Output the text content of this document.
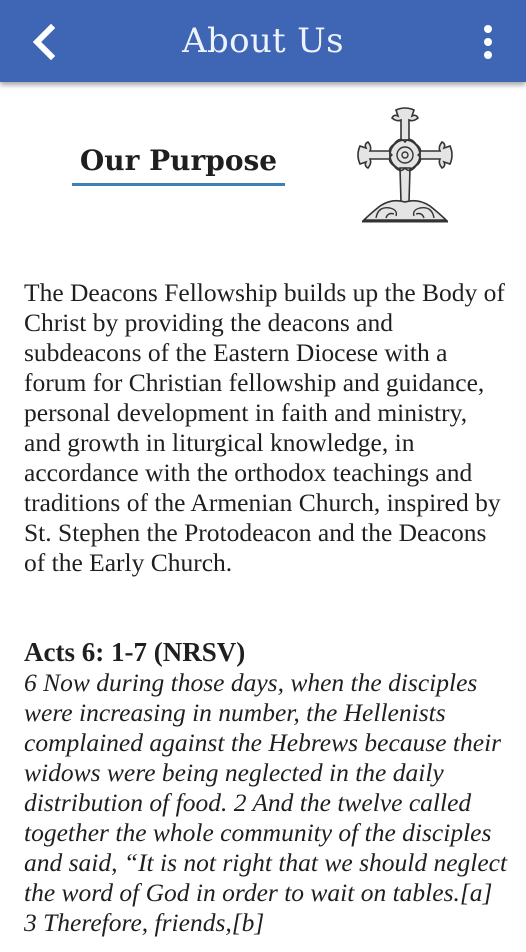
About Us
Our Purpose

The Deacons Fellowship builds up the Body of Christ by providing the deacons and subdeacons of the Eastern Diocese with a forum for Christian fellowship and guidance, personal development in faith and ministry, and growth in liturgical knowledge, in accordance with the orthodox teachings and traditions of the Armenian Church, inspired by St. Stephen the Protodeacon and the Deacons of the Early Church.

Acts 6: 1-7 (NRSV)

6 Now during those days, when the disciples were increasing in number, the Hellenists complained against the Hebrews because their widows were being neglected in the daily distribution of food. 2 And the twelve called together the whole community of the disciples and said, “It is not right that we should neglect the word of God in order to wait on tables.[a] 3 Therefore, friends,[b]
